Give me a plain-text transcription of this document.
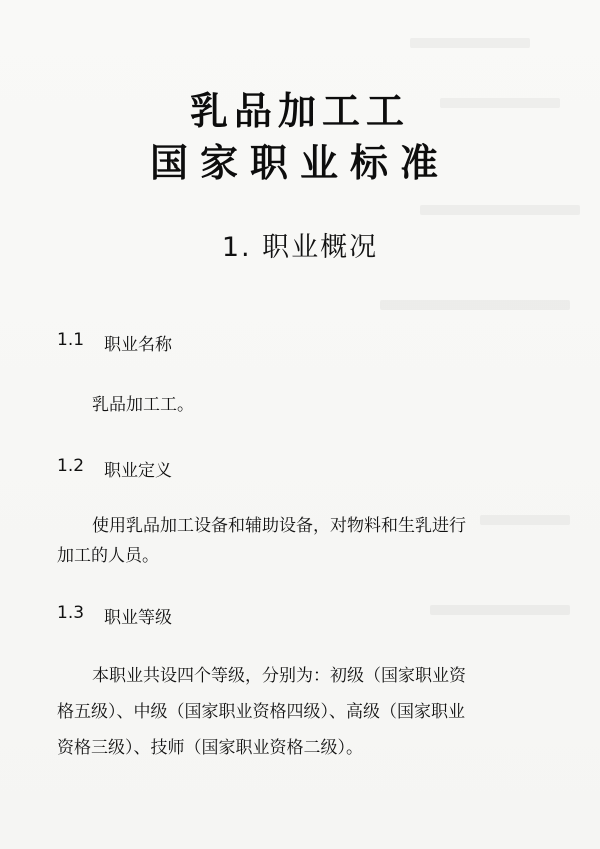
乳品加工工
国家职业标准
1. 职业概况
1.1 职业名称
乳品加工工。
1.2 职业定义
使用乳品加工设备和辅助设备，对物料和生乳进行
加工的人员。
1.3 职业等级
本职业共设四个等级，分别为：初级（国家职业资
格五级）、中级（国家职业资格四级）、高级（国家职业
资格三级）、技师（国家职业资格二级）。
